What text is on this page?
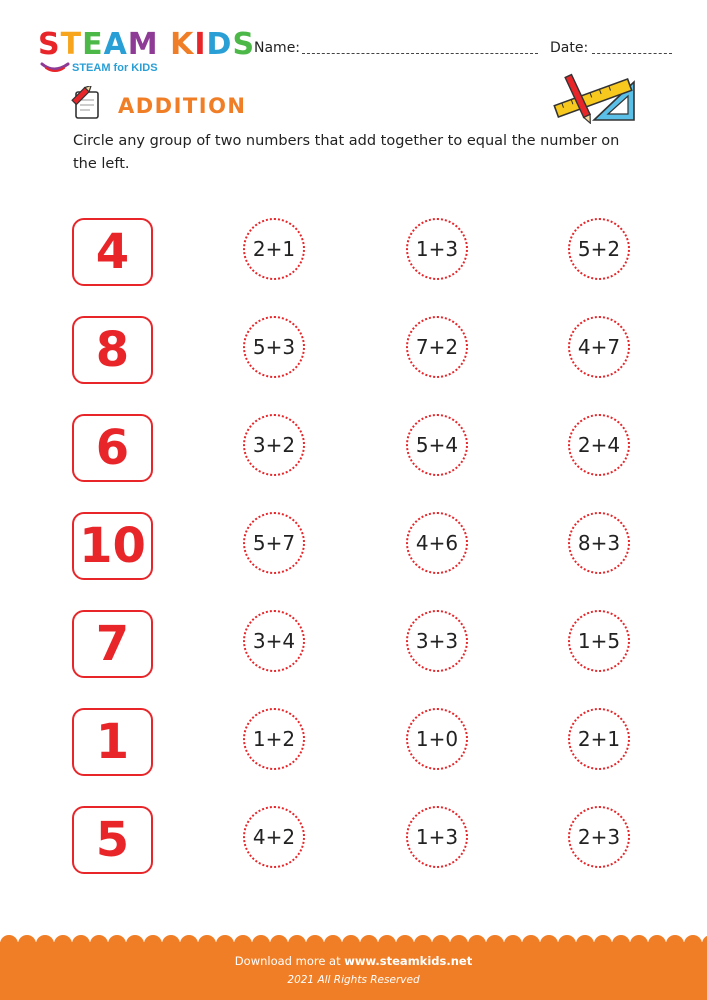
STEAM KIDS
STEAM for KIDS
Name:	Date:
ADDITION
Circle any group of two numbers that add together to equal the number on the left.
4	2+1	1+3	5+2
8	5+3	7+2	4+7
6	3+2	5+4	2+4
10	5+7	4+6	8+3
7	3+4	3+3	1+5
1	1+2	1+0	2+1
5	4+2	1+3	2+3
Download more at www.steamkids.net
2021 All Rights Reserved
